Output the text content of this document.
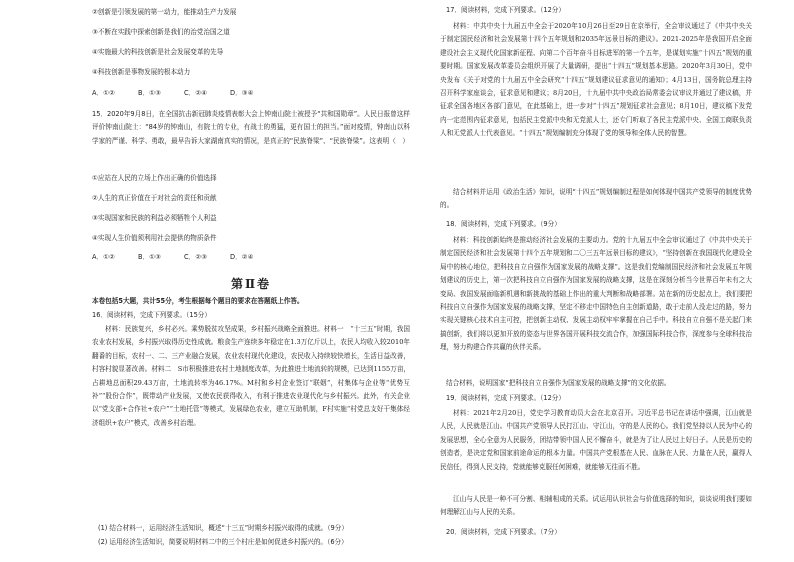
②创新是引领发展的第一动力，能推动生产力发展
③不断在实践中探索创新是我们的治党治国之道
④实施最大的科技创新是社会发展变革的先导
④科技创新是事物发展的根本动力
A．①②	B．①③	C．②④	D．③④
15．2020年9月8日，在全国抗击新冠肺炎疫情表彰大会上钟南山院士被授予“共和国勋章”。人民日报曾这样评价钟南山院士：“84岁的钟南山，有院士的专业，有战士的勇猛，更有国士的担当。”面对疫情，钟南山以科学家的严谨、科学、勇敢，最早告诉大家湖南真实的情况，是真正的“民族脊梁”、“民族脊梁”。这表明（　）
①应站在人民的立场上作出正确的价值选择
②人生的真正价值在于对社会的责任和贡献
③实现国家和民族的利益必须牺牲个人利益
④实现人生价值须利用社会提供的物质条件
A．①②	B．①③	C．②③	D．②④
第Ⅱ卷
本卷包括5大题，共计55分，考生根据每个题目的要求在答题纸上作答。
16．阅读材料，完成下列要求。（15分）
材料：民族复兴，乡村必兴。乘势脱贫攻坚成果，乡村振兴战略全面推进。材料一　“十三五”时期，我国农业农村发展，乡村振兴取得历史性成就。粮食生产连续多年稳定在1.3万亿斤以上，农民人均收入较2010年翻番的目标，农村一、二、三产业融合发展，农业农村现代化建设，农民收入持续较快增长，生活日益改善，村容村貌显著改善。材料二　S市积极推进农村土地制度改革，为此推进土地流转的规模，已达到1155万亩，占耕地总面积29.43万亩，土地流转率为46.17%。M村和乡村企业签订“联姻”，村集体与企业等“优势互补”“股份合作”，既带动产业发展，又使农民获得收入，有利于推进农业现代化与乡村振兴。此外，有关企业以“党支部+合作社+农户”“土地托管”等模式，发展绿色农业，建立互助机制，F村实施“村党总支好干集体经济组织+农户”模式，改善乡村治理。
(1) 结合材料一，运用经济生活知识，概述“十三五”时期乡村振兴取得的成就。（9分）
(2) 运用经济生活知识，简要说明材料二中的三个村庄是如何促进乡村振兴的。（6分）
17．阅读材料，完成下列要求。（12分）
材料：中共中央十九届五中全会于2020年10月26日至29日在京举行，全会审议通过了《中共中央关于制定国民经济和社会发展第十四个五年规划和2035年远景目标的建议》。2021-2025年是我国开启全面建设社会主义现代化国家新征程、向第二个百年奋斗目标进军的第一个五年，是谋划实施“十四五”规划的重要时期。国家发展改革委员会组织开展了大量调研，提出“十四五”规划基本思路。2020年3月30日，党中央发布《关于对党的十九届五中全会研究“十四五”规划建议征求意见的通知》；4月13日，国务院总理主持召开科学家座谈会，征求意见和建议；8月20日，十九届中共中央政治局常委会议审议并通过了建议稿，并征求全国各地区各部门意见，在此基础上，进一步对“十四五”规划征求社会意见；8月10日，建议稿下发党内一定范围内征求意见，包括民主党派中央和无党派人士，还专门听取了各民主党派中央、全国工商联负责人和无党派人士代表意见。“十四五”规划编制充分体现了党的领导和全体人民的智慧。
结合材料并运用《政治生活》知识，说明“十四五”规划编制过程是如何体现中国共产党领导的制度优势的。
18．阅读材料，完成下列要求。（9分）
材料：科技创新始终是推动经济社会发展的主要动力。党的十九届五中全会审议通过了《中共中央关于制定国民经济和社会发展第十四个五年规划和二〇三五年远景目标的建议》，“坚持创新在我国现代化建设全局中的核心地位，把科技自立自强作为国家发展的战略支撑”。这是我们党编制国民经济和社会发展五年规划建议的历史上，第一次把科技自立自强作为国家发展的战略支撑，这是在深刻分析当今世界百年未有之大变局、我国发展面临新机遇和新挑战的基础上作出的重大判断和战略部署。站在新的历史起点上，我们要把科技自立自强作为国家发展的战略支撑，坚定不移走中国特色自主创新道路，敢于走前人没走过的路，努力实现关键核心技术自主可控，把创新主动权、发展主动权牢牢掌握在自己手中。科技自立自强不是关起门来搞创新，我们将以更加开放的姿态与世界各国开展科技交流合作，加强国际科技合作，深度参与全球科技治理，努力构建合作共赢的伙伴关系。
结合材料，说明国家“把科技自立自强作为国家发展的战略支撑”的文化依据。
19．阅读材料，完成下列要求。（12分）
材料：2021年2月20日，党史学习教育动员大会在北京召开。习近平总书记在讲话中强调，江山就是人民，人民就是江山。中国共产党领导人民打江山、守江山，守的是人民的心。我们党坚持以人民为中心的发展思想，全心全意为人民服务，团结带领中国人民不懈奋斗，就是为了让人民过上好日子。人民是历史的创造者，是决定党和国家前途命运的根本力量。中国共产党根基在人民、血脉在人民、力量在人民，赢得人民信任，得到人民支持，党就能够克服任何困难，就能够无往而不胜。
江山与人民是一种不可分割、相辅相成的关系。试运用认识社会与价值选择的知识，谈谈说明我们要如何理解江山与人民的关系。
20．阅读材料，完成下列要求。（7分）
